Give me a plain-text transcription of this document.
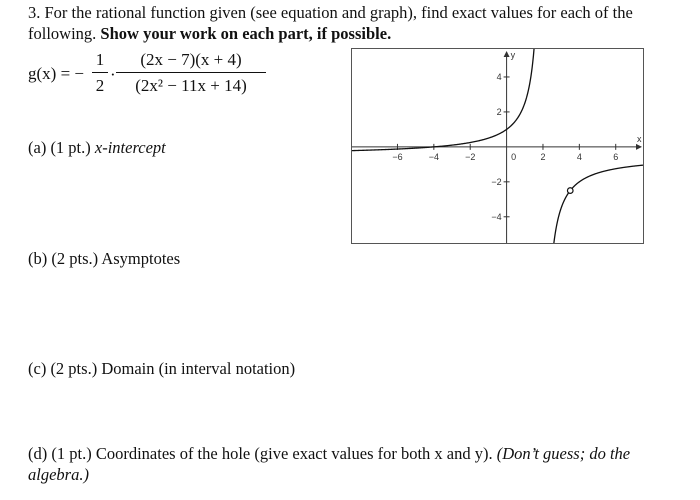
3. For the rational function given (see equation and graph), find exact values for each of the following. Show your work on each part, if possible.
g(x) = −
1
2
·
(2x − 7)(x + 4)
(2x² − 11x + 14)
(a) (1 pt.) x-intercept
(b) (2 pts.) Asymptotes
(c) (2 pts.) Domain (in interval notation)
(d) (1 pt.) Coordinates of the hole (give exact values for both x and y). (Don’t guess; do the algebra.)
x
y
−6	−4	−2	0	2	4	6
−4
−2
2
4
